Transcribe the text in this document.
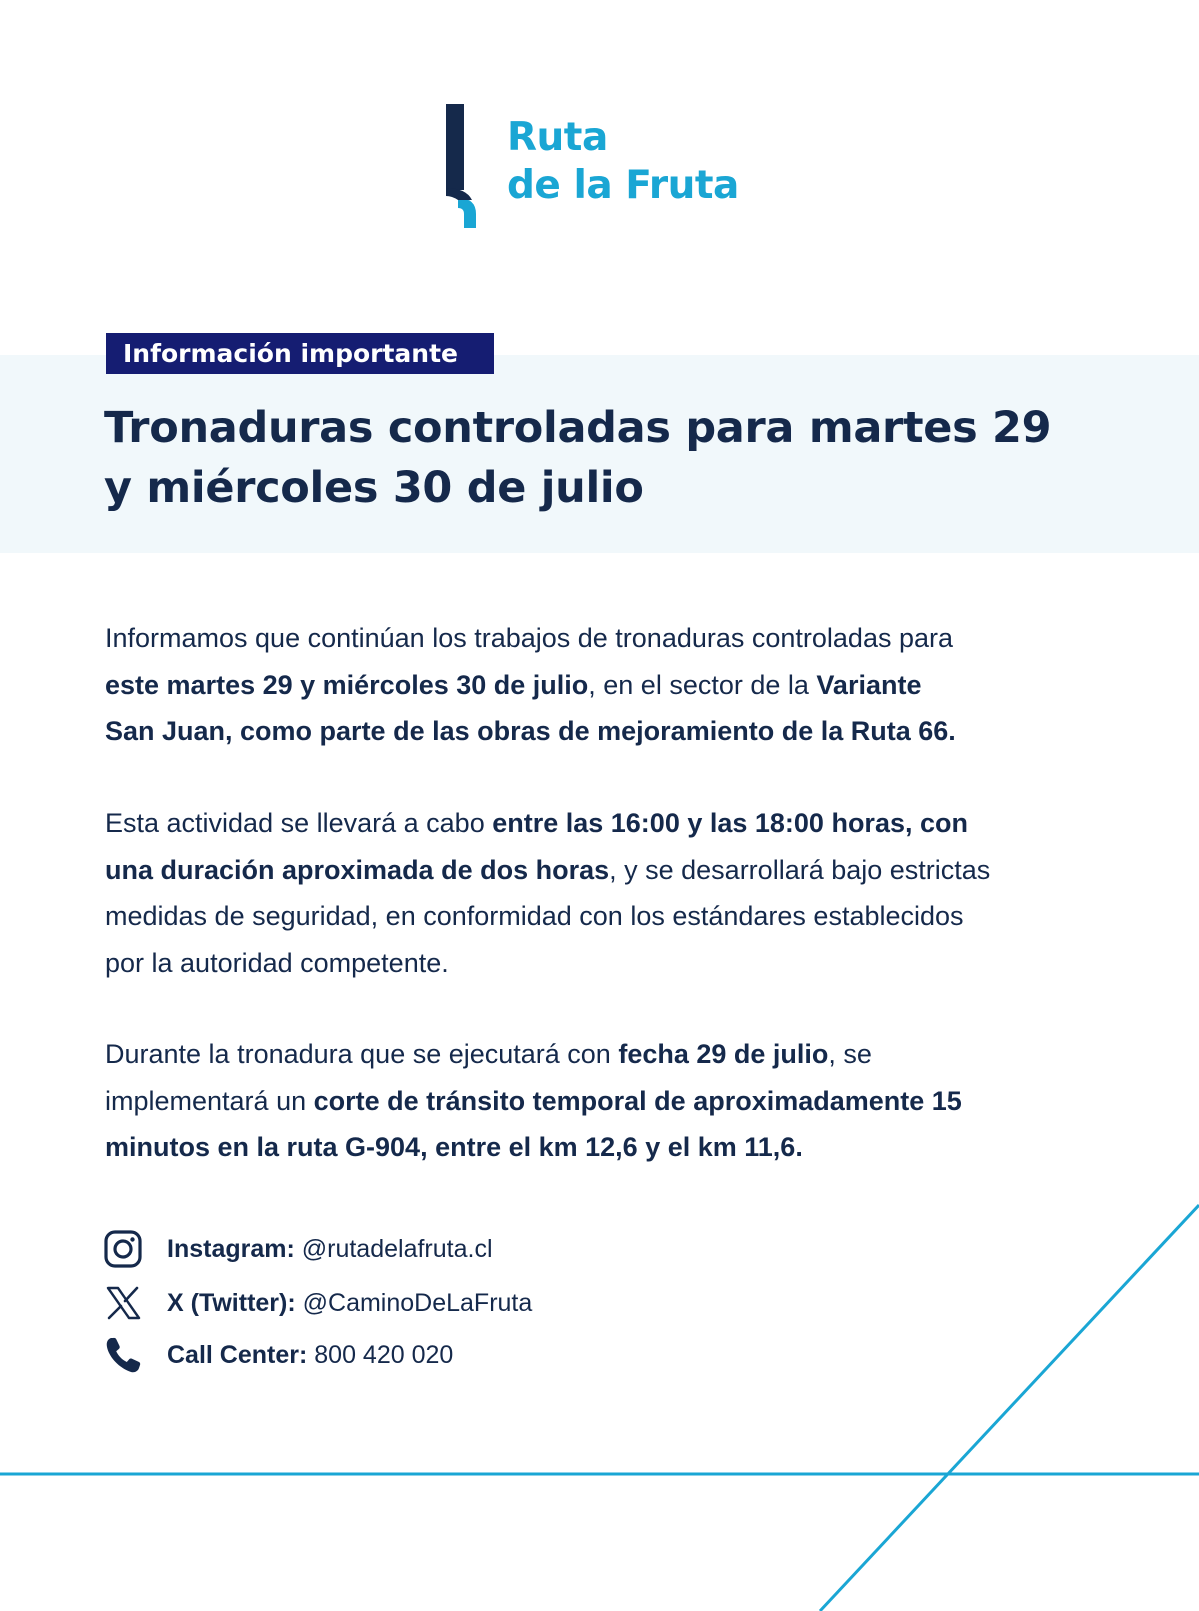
Ruta
de la Fruta
Información importante
Tronaduras controladas para martes 29
y miércoles 30 de julio

Informamos que continúan los trabajos de tronaduras controladas para
este martes 29 y miércoles 30 de julio, en el sector de la Variante
San Juan, como parte de las obras de mejoramiento de la Ruta 66.

Esta actividad se llevará a cabo entre las 16:00 y las 18:00 horas, con
una duración aproximada de dos horas, y se desarrollará bajo estrictas
medidas de seguridad, en conformidad con los estándares establecidos
por la autoridad competente.

Durante la tronadura que se ejecutará con fecha 29 de julio, se
implementará un corte de tránsito temporal de aproximadamente 15
minutos en la ruta G-904, entre el km 12,6 y el km 11,6.

Instagram: @rutadelafruta.cl
X (Twitter): @CaminoDeLaFruta
Call Center: 800 420 020
